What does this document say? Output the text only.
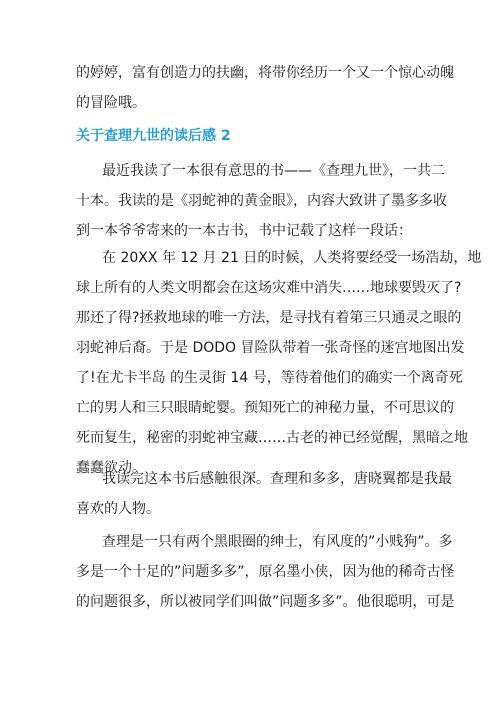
的婷婷，富有创造力的扶幽，将带你经历一个又一个惊心动魄
的冒险哦。

关于查理九世的读后感 2

最近我读了一本很有意思的书——《查理九世》，一共二
十本。我读的是《羽蛇神的黄金眼》，内容大致讲了墨多多收
到一本爷爷寄来的一本古书，书中记载了这样一段话：

在 20XX 年 12 月 21 日的时候，人类将要经受一场浩劫，地
球上所有的人类文明都会在这场灾难中消失……地球要毁灭了?
那还了得?拯救地球的唯一方法，是寻找有着第三只通灵之眼的
羽蛇神后裔。于是 DODO 冒险队带着一张奇怪的迷宫地图出发
了!在尤卡半岛 的生灵街 14 号，等待着他们的确实一个离奇死
亡的男人和三只眼睛蛇婴。预知死亡的神秘力量，不可思议的
死而复生，秘密的羽蛇神宝藏……古老的神已经觉醒，黑暗之地
蠢蠢欲动。

我读完这本书后感触很深。查理和多多，唐晓翼都是我最
喜欢的人物。

查理是一只有两个黑眼圈的绅士，有风度的”小贱狗”。多
多是一个十足的”问题多多”，原名墨小侠，因为他的稀奇古怪
的问题很多，所以被同学们叫做”问题多多”。他很聪明，可是
